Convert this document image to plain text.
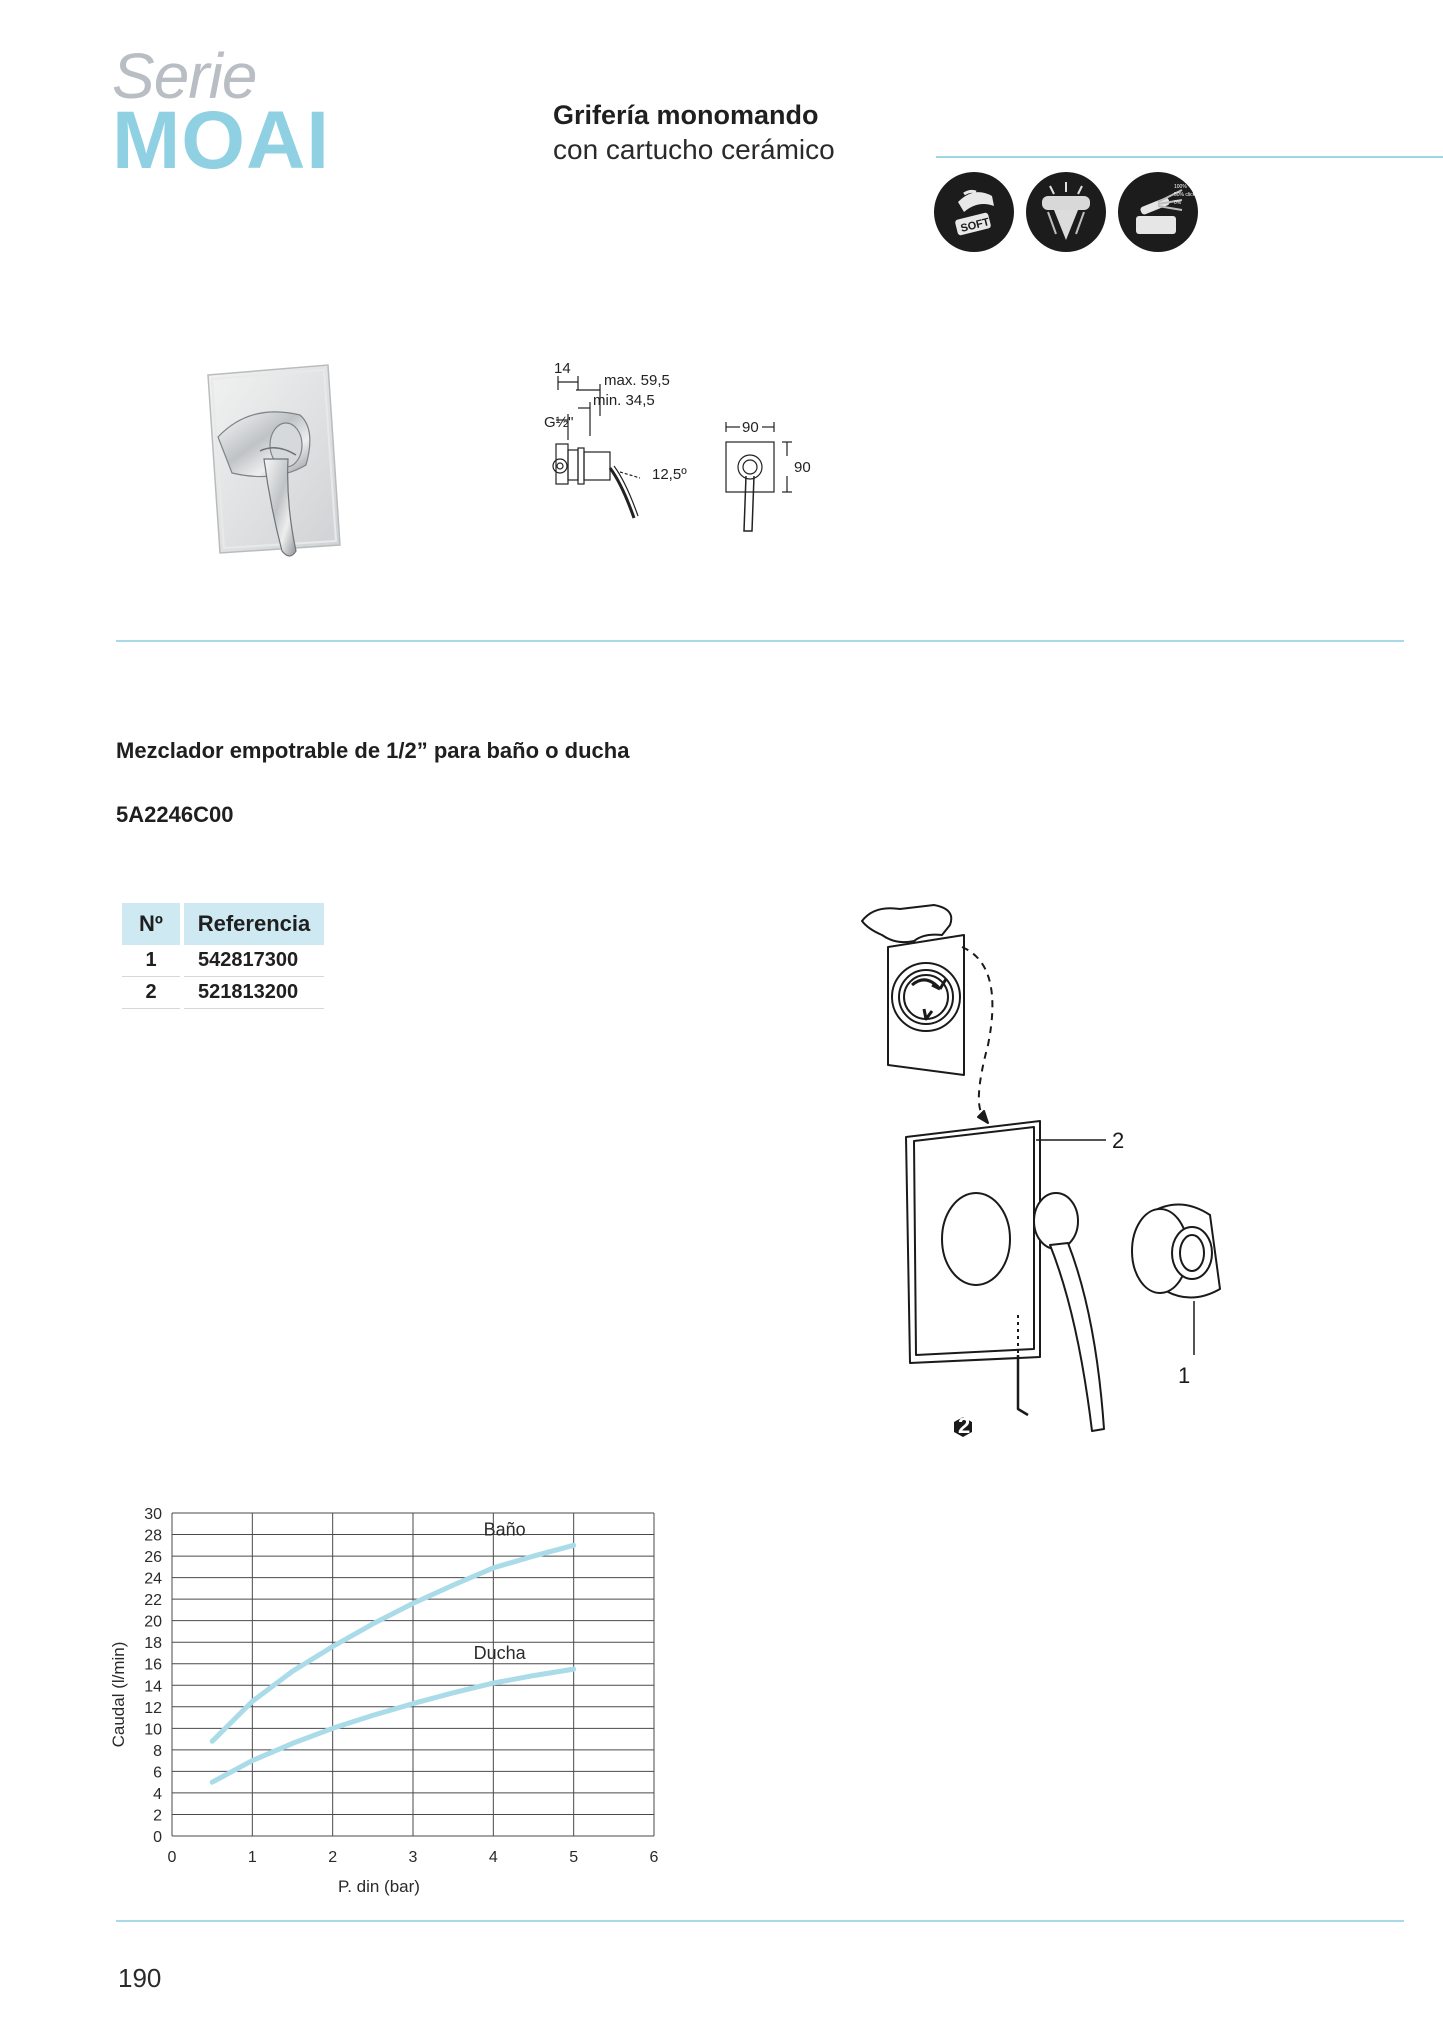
Serie
MOAI	Grifería monomando
con cartucho cerámico
SOFT
100%
50% click
0%
14
max. 59,5
min. 34,5
G½"
12,5º
90
90
Mezclador empotrable de 1/2” para baño o ducha
5A2246C00
Nº	Referencia
1	542817300
2	521813200
2
2
1
0
2
4
6
8
10
12
14
16
18
20
22
24
26
28
30
0	1	2	3	4	5	6
Baño
Ducha
P. din (bar)
Caudal (l/min)
190
